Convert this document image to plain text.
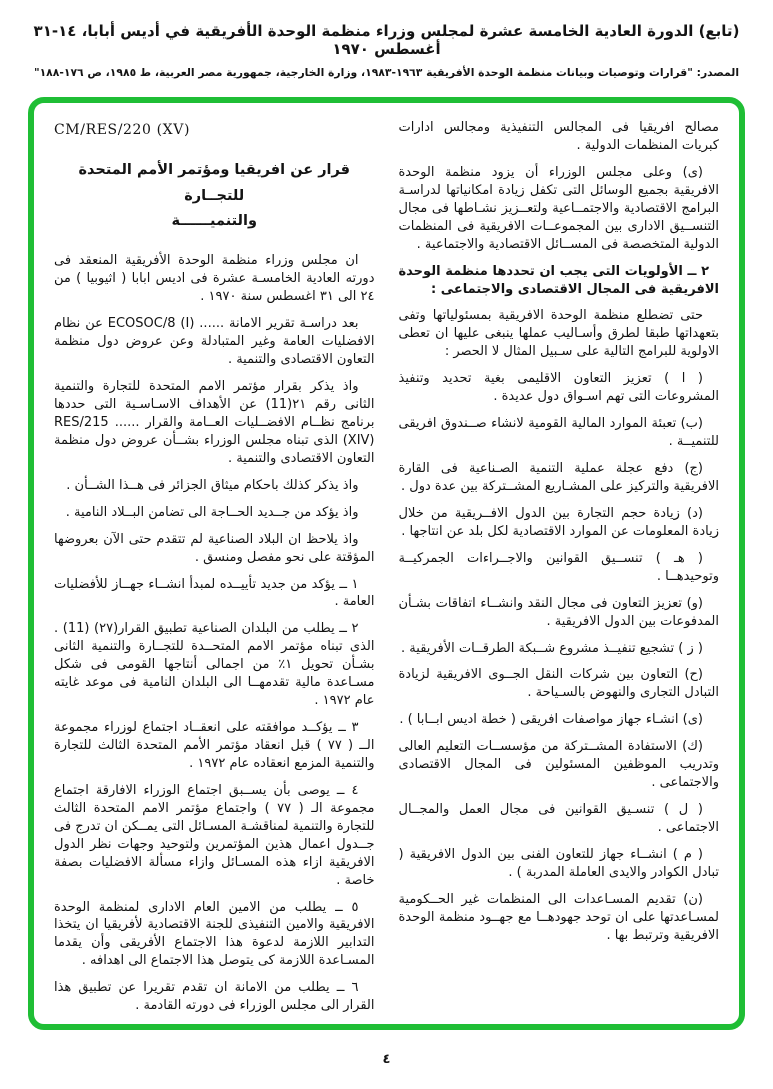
(تابع) الدورة العادية الخامسة عشرة لمجلس وزراء منظمة الوحدة الأفريقية في أديس أبابا، ١٤-٣١ أغسطس ١٩٧٠
المصدر: "قرارات وتوصيات وبيانات منظمة الوحدة الأفريقية ١٩٦٣-١٩٨٣، وزارة الخارجية، جمهورية مصر العربية، ط ١٩٨٥، ص ١٧٦-١٨٨"

مصالح افريقيا فى المجالس التنفيذية ومجالس ادارات كبريات المنظمات الدولية .

(ى) وعلى مجلس الوزراء أن يزود منظمة الوحدة الافريقية بجميع الوسائل التى تكفل زيادة امكانياتها لدراسـة البرامج الاقتصادية والاجتمــاعية ولتعــزيز نشـاطها فى مجال التنســيق الادارى بين المجموعــات الافريقية فى المنظمات الدولية المتخصصة فى المســائل الاقتصادية والاجتماعية .

٢ ــ الأولويات التى يجب ان تحددها منظمة الوحدة الافريقية فى المجال الاقتصادى والاجتماعى :

حتى تضطلع منظمة الوحدة الافريقية بمسئولياتها وتفى بتعهداتها طبقا لطرق وأسـاليب عملها ينبغى عليها ان تعطى الاولوية للبرامج التالية على سـبيل المثال لا الحصر :

( ا ) تعزيز التعاون الاقليمى بغية تحديد وتنفيذ المشروعات التى تهم اسـواق دول عديدة .

(ب) تعبئة الموارد المالية القومية لانشاء صــندوق افريقى للتنميــة .

(ج) دفع عجلة عملية التنمية الصـناعية فى القارة الافريقية والتركيز على المشـاريع المشــتركة بين عدة دول .

(د) زيادة حجم التجارة بين الدول الافــريقية من خلال زيادة المعلومات عن الموارد الاقتصادية لكل بلد عن انتاجها .

( هـ ) تنســيق القوانين والاجــراءات الجمركيــة وتوحيدهــا .

(و) تعزيز التعاون فى مجال النقد وانشــاء اتفاقات بشـأن المدفوعات بين الدول الافريقية .

( ز ) تشجيع تنفيــذ مشروع شــبكة الطرقــات الأفريقية .

(ح) التعاون بين شركات النقل الجــوى الافريقية لزيادة التبادل التجارى والنهوض بالسـياحة .

(ى) انشـاء جهاز مواصفات افريقى ( خطة اديس ابــابا ) .

(ك) الاستفادة المشــتركة من مؤسســات التعليم العالى وتدريب الموظفين المسئولين فى المجال الاقتصادى والاجتماعى .

( ل ) تنسـيق القوانين فى مجال العمل والمجــال الاجتماعى .

( م ) انشــاء جهاز للتعاون الفنى بين الدول الافريقية ( تبادل الكوادر والايدى العاملة المدربة ) .

(ن) تقديم المسـاعدات الى المنظمات غير الحــكومية لمسـاعدتها على ان توحد جهودهــا مع جهــود منظمة الوحدة الافريقية وترتبط بها .

CM/RES/220 (XV)
قرار عن افريقيا ومؤتمر الأمم المتحدة للتجــارة
والتنميــــــة

ان مجلس وزراء منظمة الوحدة الأفريقية المنعقد فى دورته العادية الخامسـة عشرة فى اديس ابابا ( اثيوبيا ) من ٢٤ الى ٣١ اغسطس سنة ١٩٧٠ .

بعد دراسـة تقرير الامانة ...... ECOSOC/8 (I) عن نظام الافضليات العامة وغير المتبادلة وعن عروض دول منظمة التعاون الاقتصادى والتنمية .

واذ يذكر بقرار مؤتمر الامم المتحدة للتجارة والتنمية الثانى رقم ٢١(11) عن الأهداف الاسـاسـية التى حددها برنامج نظــام الافضــليات العــامة والقرار ...... RES/215 (XIV) الذى تبناه مجلس الوزراء بشــأن عروض دول منظمة التعاون الاقتصادى والتنمية .

واذ يذكر كذلك باحكام ميثاق الجزائر فى هــذا الشــأن .

واذ يؤكد من جــديد الحــاجة الى تضامن البــلاد النامية .

واذ يلاحظ ان البلاد الصناعية لم تتقدم حتى الآن بعروضها المؤقتة على نحو مفصل ومنسق .

١ ــ يؤكد من جديد تأييــده لمبدأ انشــاء جهــاز للأفضليات العامة .

٢ ــ يطلب من البلدان الصناعية تطبيق القرار(٢٧) (11) . الذى تبناه مؤتمر الامم المتحــدة للتجــارة والتنمية الثانى بشـأن تحويل ١٪ من اجمالى أنتاجها القومى فى شكل مسـاعدة مالية تقدمهــا الى البلدان النامية فى موعد غايته عام ١٩٧٢ .

٣ ــ يؤكــد موافقته على انعقــاد اجتماع لوزراء مجموعة الــ ( ٧٧ ) قبل انعقاد مؤتمر الأمم المتحدة الثالث للتجارة والتنمية المزمع انعقاده عام ١٩٧٢ .

٤ ــ يوصى بأن يســبق اجتماع الوزراء الافارقة اجتماع مجموعة الـ ( ٧٧ ) واجتماع مؤتمر الامم المتحدة الثالث للتجارة والتنمية لمناقشـة المسـائل التى يمــكن ان تدرج فى جــدول اعمال هذين المؤتمرين ولتوحيد وجهات نظر الدول الافريقية ازاء هذه المسـائل وازاء مسألة الافضليات بصفة خاصة .

٥ ــ يطلب من الامين العام الادارى لمنظمة الوحدة الافريقية والامين التنفيذى للجنة الاقتصادية لأفريقيا ان يتخذا التدابير اللازمة لدعوة هذا الاجتماع الأفريقى وأن يقدما المسـاعدة اللازمة كى يتوصل هذا الاجتماع الى اهدافه .

٦ ــ يطلب من الامانة ان تقدم تقريرا عن تطبيق هذا القرار الى مجلس الوزراء فى دورته القادمة .

٤
